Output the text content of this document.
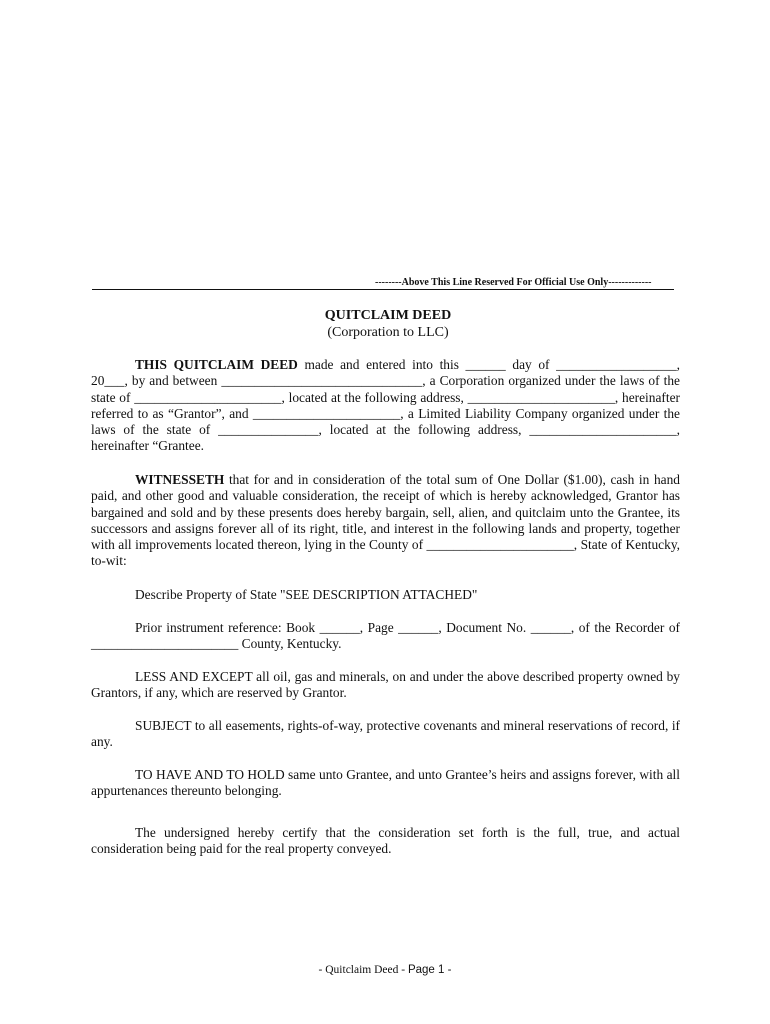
--------Above This Line Reserved For Official Use Only-------------
QUITCLAIM DEED
(Corporation to LLC)
THIS QUITCLAIM DEED made and entered into this ______ day of __________________, 20___, by and between ______________________________, a Corporation organized under the laws of the state of ______________________, located at the following address, ______________________, hereinafter referred to as “Grantor”, and ______________________, a Limited Liability Company organized under the laws of the state of _______________, located at the following address, ______________________, hereinafter “Grantee.
WITNESSETH that for and in consideration of the total sum of One Dollar ($1.00), cash in hand paid, and other good and valuable consideration, the receipt of which is hereby acknowledged, Grantor has bargained and sold and by these presents does hereby bargain, sell, alien, and quitclaim unto the Grantee, its successors and assigns forever all of its right, title, and interest in the following lands and property, together with all improvements located thereon, lying in the County of ______________________, State of Kentucky, to-wit:
Describe Property of State "SEE DESCRIPTION ATTACHED"
Prior instrument reference: Book ______, Page ______, Document No. ______, of the Recorder of ______________________ County, Kentucky.
LESS AND EXCEPT all oil, gas and minerals, on and under the above described property owned by Grantors, if any, which are reserved by Grantor.
SUBJECT to all easements, rights-of-way, protective covenants and mineral reservations of record, if any.
TO HAVE AND TO HOLD same unto Grantee, and unto Grantee’s heirs and assigns forever, with all appurtenances thereunto belonging.
The undersigned hereby certify that the consideration set forth is the full, true, and actual consideration being paid for the real property conveyed.
- Quitclaim Deed - Page 1 -
